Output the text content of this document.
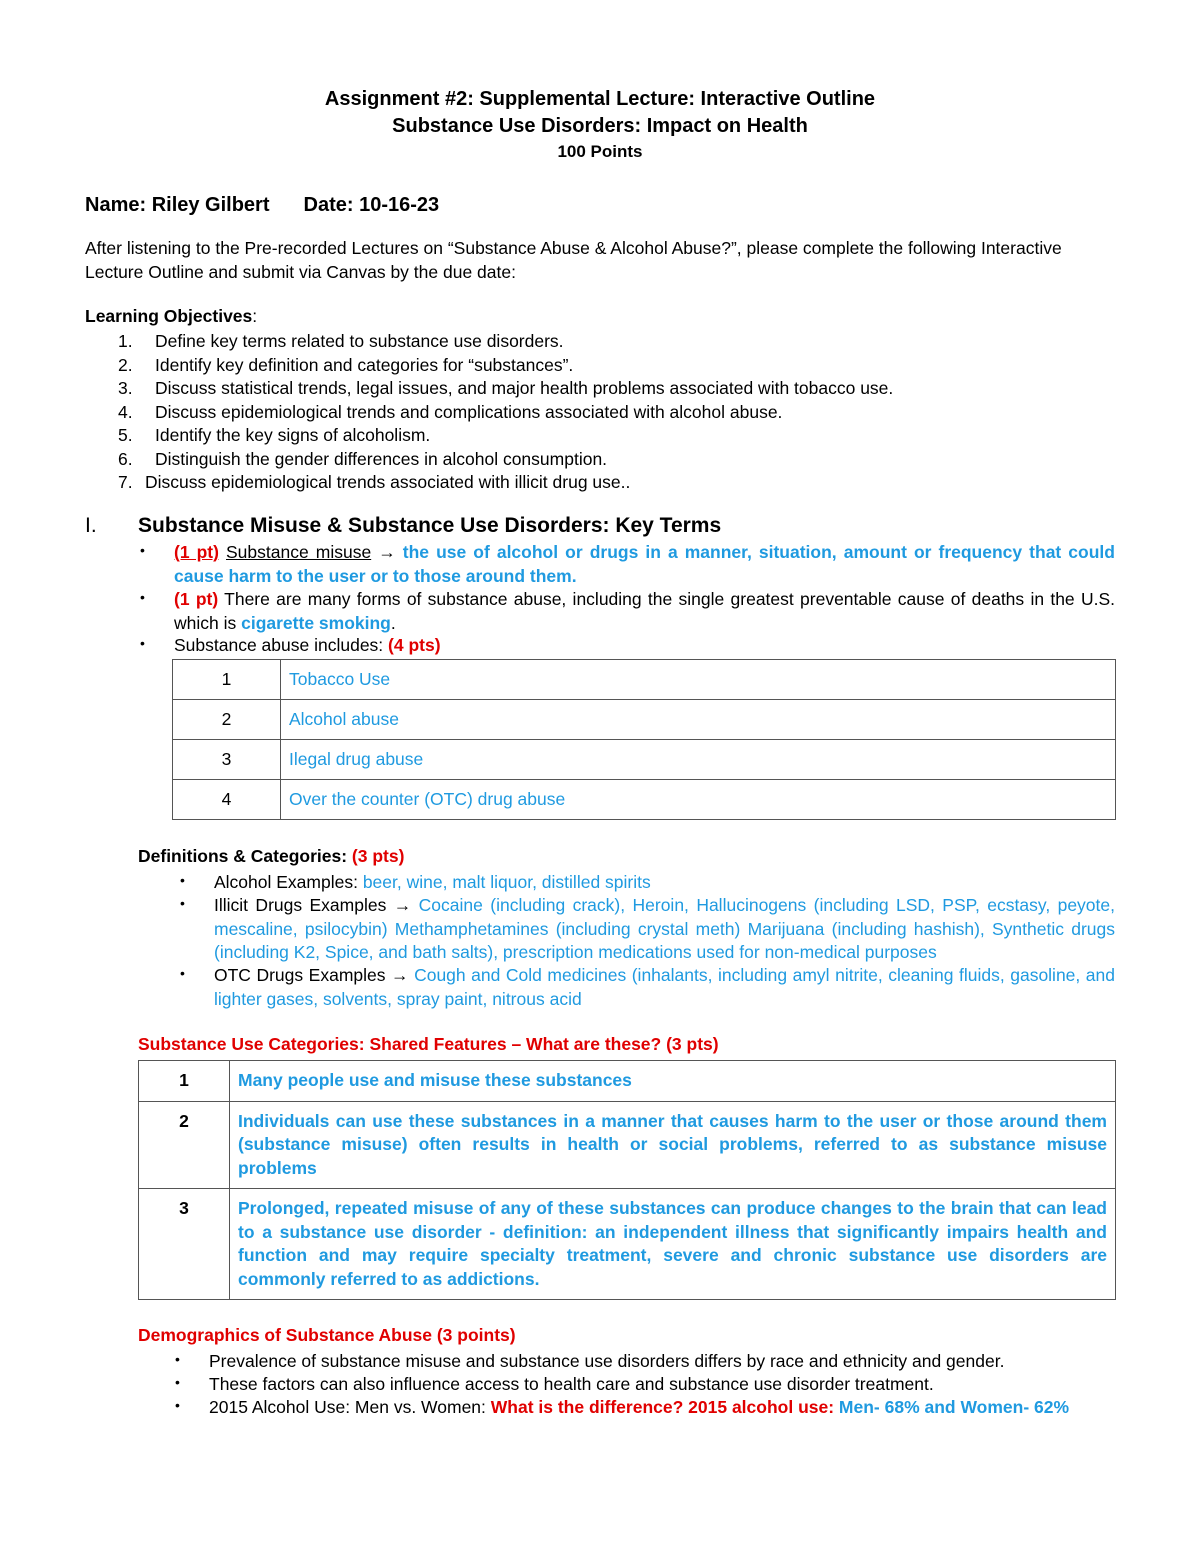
Assignment #2: Supplemental Lecture: Interactive Outline
Substance Use Disorders: Impact on Health
100 Points
Name: Riley Gilbert Date: 10-16-23
After listening to the Pre-recorded Lectures on “Substance Abuse & Alcohol Abuse?”, please complete the following Interactive Lecture Outline and submit via Canvas by the due date:
Learning Objectives:
1. Define key terms related to substance use disorders.
2. Identify key definition and categories for “substances”.
3. Discuss statistical trends, legal issues, and major health problems associated with tobacco use.
4. Discuss epidemiological trends and complications associated with alcohol abuse.
5. Identify the key signs of alcoholism.
6. Distinguish the gender differences in alcohol consumption.
7. Discuss epidemiological trends associated with illicit drug use..
I. Substance Misuse & Substance Use Disorders: Key Terms
• (1 pt) Substance misuse → the use of alcohol or drugs in a manner, situation, amount or frequency that could cause harm to the user or to those around them.
• (1 pt) There are many forms of substance abuse, including the single greatest preventable cause of deaths in the U.S. which is cigarette smoking.
• Substance abuse includes: (4 pts)
1	Tobacco Use
2	Alcohol abuse
3	Ilegal drug abuse
4	Over the counter (OTC) drug abuse
Definitions & Categories: (3 pts)
• Alcohol Examples: beer, wine, malt liquor, distilled spirits
• Illicit Drugs Examples → Cocaine (including crack), Heroin, Hallucinogens (including LSD, PSP, ecstasy, peyote, mescaline, psilocybin) Methamphetamines (including crystal meth) Marijuana (including hashish), Synthetic drugs (including K2, Spice, and bath salts), prescription medications used for non-medical purposes
• OTC Drugs Examples → Cough and Cold medicines (inhalants, including amyl nitrite, cleaning fluids, gasoline, and lighter gases, solvents, spray paint, nitrous acid
Substance Use Categories: Shared Features – What are these? (3 pts)
1	Many people use and misuse these substances
2	Individuals can use these substances in a manner that causes harm to the user or those around them (substance misuse) often results in health or social problems, referred to as substance misuse problems
3	Prolonged, repeated misuse of any of these substances can produce changes to the brain that can lead to a substance use disorder - definition: an independent illness that significantly impairs health and function and may require specialty treatment, severe and chronic substance use disorders are commonly referred to as addictions.
Demographics of Substance Abuse (3 points)
• Prevalence of substance misuse and substance use disorders differs by race and ethnicity and gender.
• These factors can also influence access to health care and substance use disorder treatment.
• 2015 Alcohol Use: Men vs. Women: What is the difference? 2015 alcohol use: Men- 68% and Women- 62%
